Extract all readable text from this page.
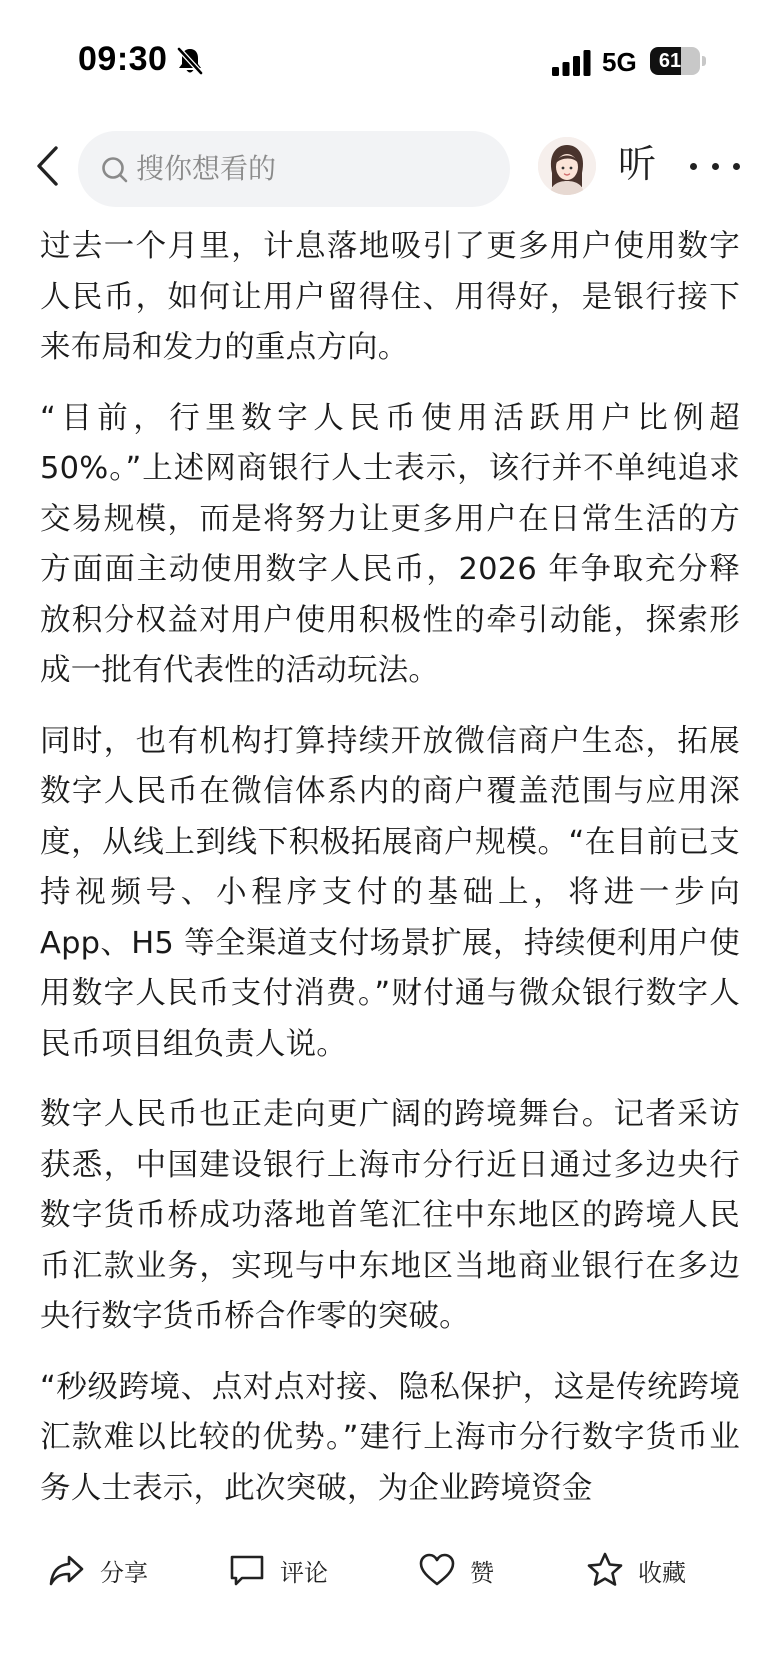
09:30	5G	61
搜你想看的	听

过去一个月里，计息落地吸引了更多用户使用数字人民币，如何让用户留得住、用得好，是银行接下来布局和发力的重点方向。

“目前，行里数字人民币使用活跃用户比例超 50%。”上述网商银行人士表示，该行并不单纯追求交易规模，而是将努力让更多用户在日常生活的方方面面主动使用数字人民币，2026 年争取充分释放积分权益对用户使用积极性的牵引动能，探索形成一批有代表性的活动玩法。

同时，也有机构打算持续开放微信商户生态，拓展数字人民币在微信体系内的商户覆盖范围与应用深度，从线上到线下积极拓展商户规模。“在目前已支持视频号、小程序支付的基础上，将进一步向 App、H5 等全渠道支付场景扩展，持续便利用户使用数字人民币支付消费。”财付通与微众银行数字人民币项目组负责人说。

数字人民币也正走向更广阔的跨境舞台。记者采访获悉，中国建设银行上海市分行近日通过多边央行数字货币桥成功落地首笔汇往中东地区的跨境人民币汇款业务，实现与中东地区当地商业银行在多边央行数字货币桥合作零的突破。

“秒级跨境、点对点对接、隐私保护，这是传统跨境汇款难以比较的优势。”建行上海市分行数字货币业务人士表示，此次突破，为企业跨境资金

分享	评论	赞	收藏
